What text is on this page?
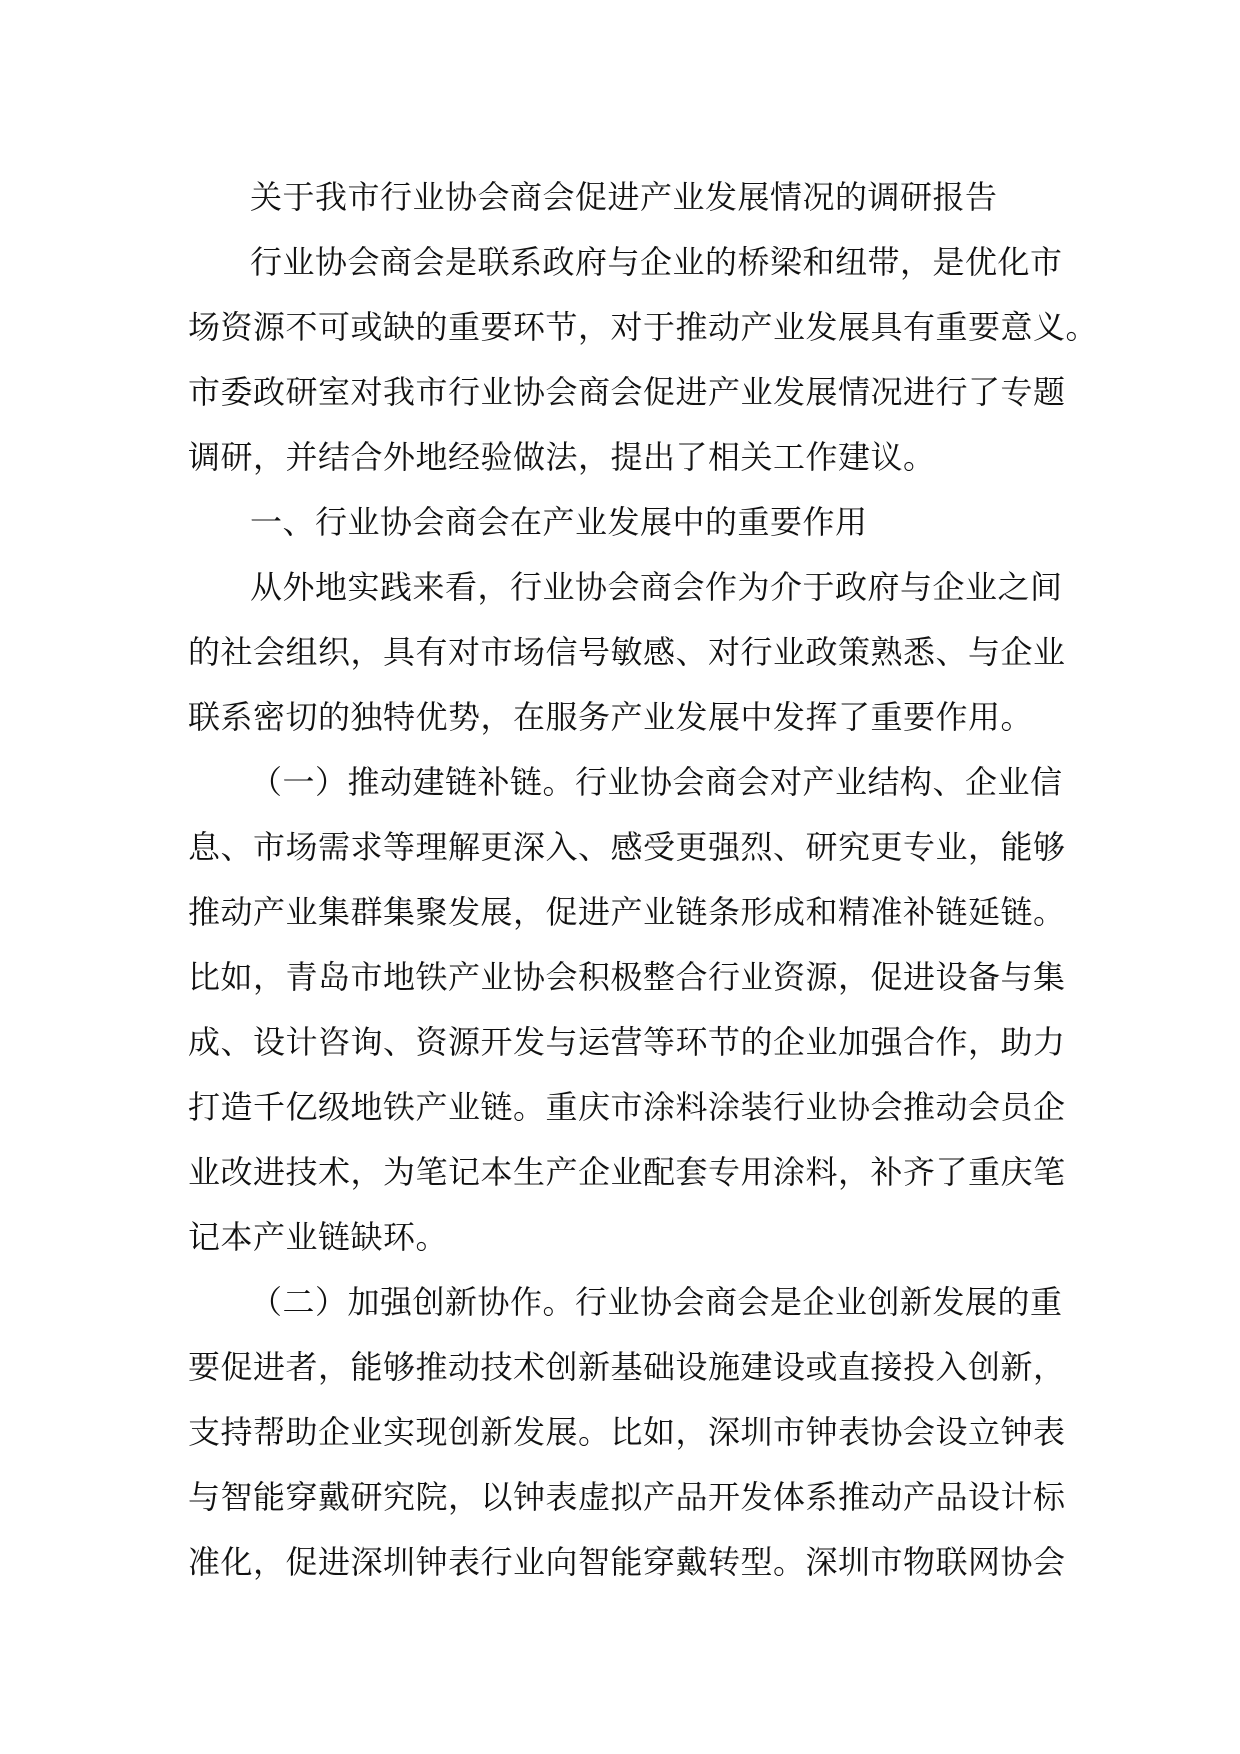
关于我市行业协会商会促进产业发展情况的调研报告
行业协会商会是联系政府与企业的桥梁和纽带，是优化市
场资源不可或缺的重要环节，对于推动产业发展具有重要意义。
市委政研室对我市行业协会商会促进产业发展情况进行了专题
调研，并结合外地经验做法，提出了相关工作建议。
一、行业协会商会在产业发展中的重要作用
从外地实践来看，行业协会商会作为介于政府与企业之间
的社会组织，具有对市场信号敏感、对行业政策熟悉、与企业
联系密切的独特优势，在服务产业发展中发挥了重要作用。
（一）推动建链补链。行业协会商会对产业结构、企业信
息、市场需求等理解更深入、感受更强烈、研究更专业，能够
推动产业集群集聚发展，促进产业链条形成和精准补链延链。
比如，青岛市地铁产业协会积极整合行业资源，促进设备与集
成、设计咨询、资源开发与运营等环节的企业加强合作，助力
打造千亿级地铁产业链。重庆市涂料涂装行业协会推动会员企
业改进技术，为笔记本生产企业配套专用涂料，补齐了重庆笔
记本产业链缺环。
（二）加强创新协作。行业协会商会是企业创新发展的重
要促进者，能够推动技术创新基础设施建设或直接投入创新，
支持帮助企业实现创新发展。比如，深圳市钟表协会设立钟表
与智能穿戴研究院，以钟表虚拟产品开发体系推动产品设计标
准化，促进深圳钟表行业向智能穿戴转型。深圳市物联网协会
